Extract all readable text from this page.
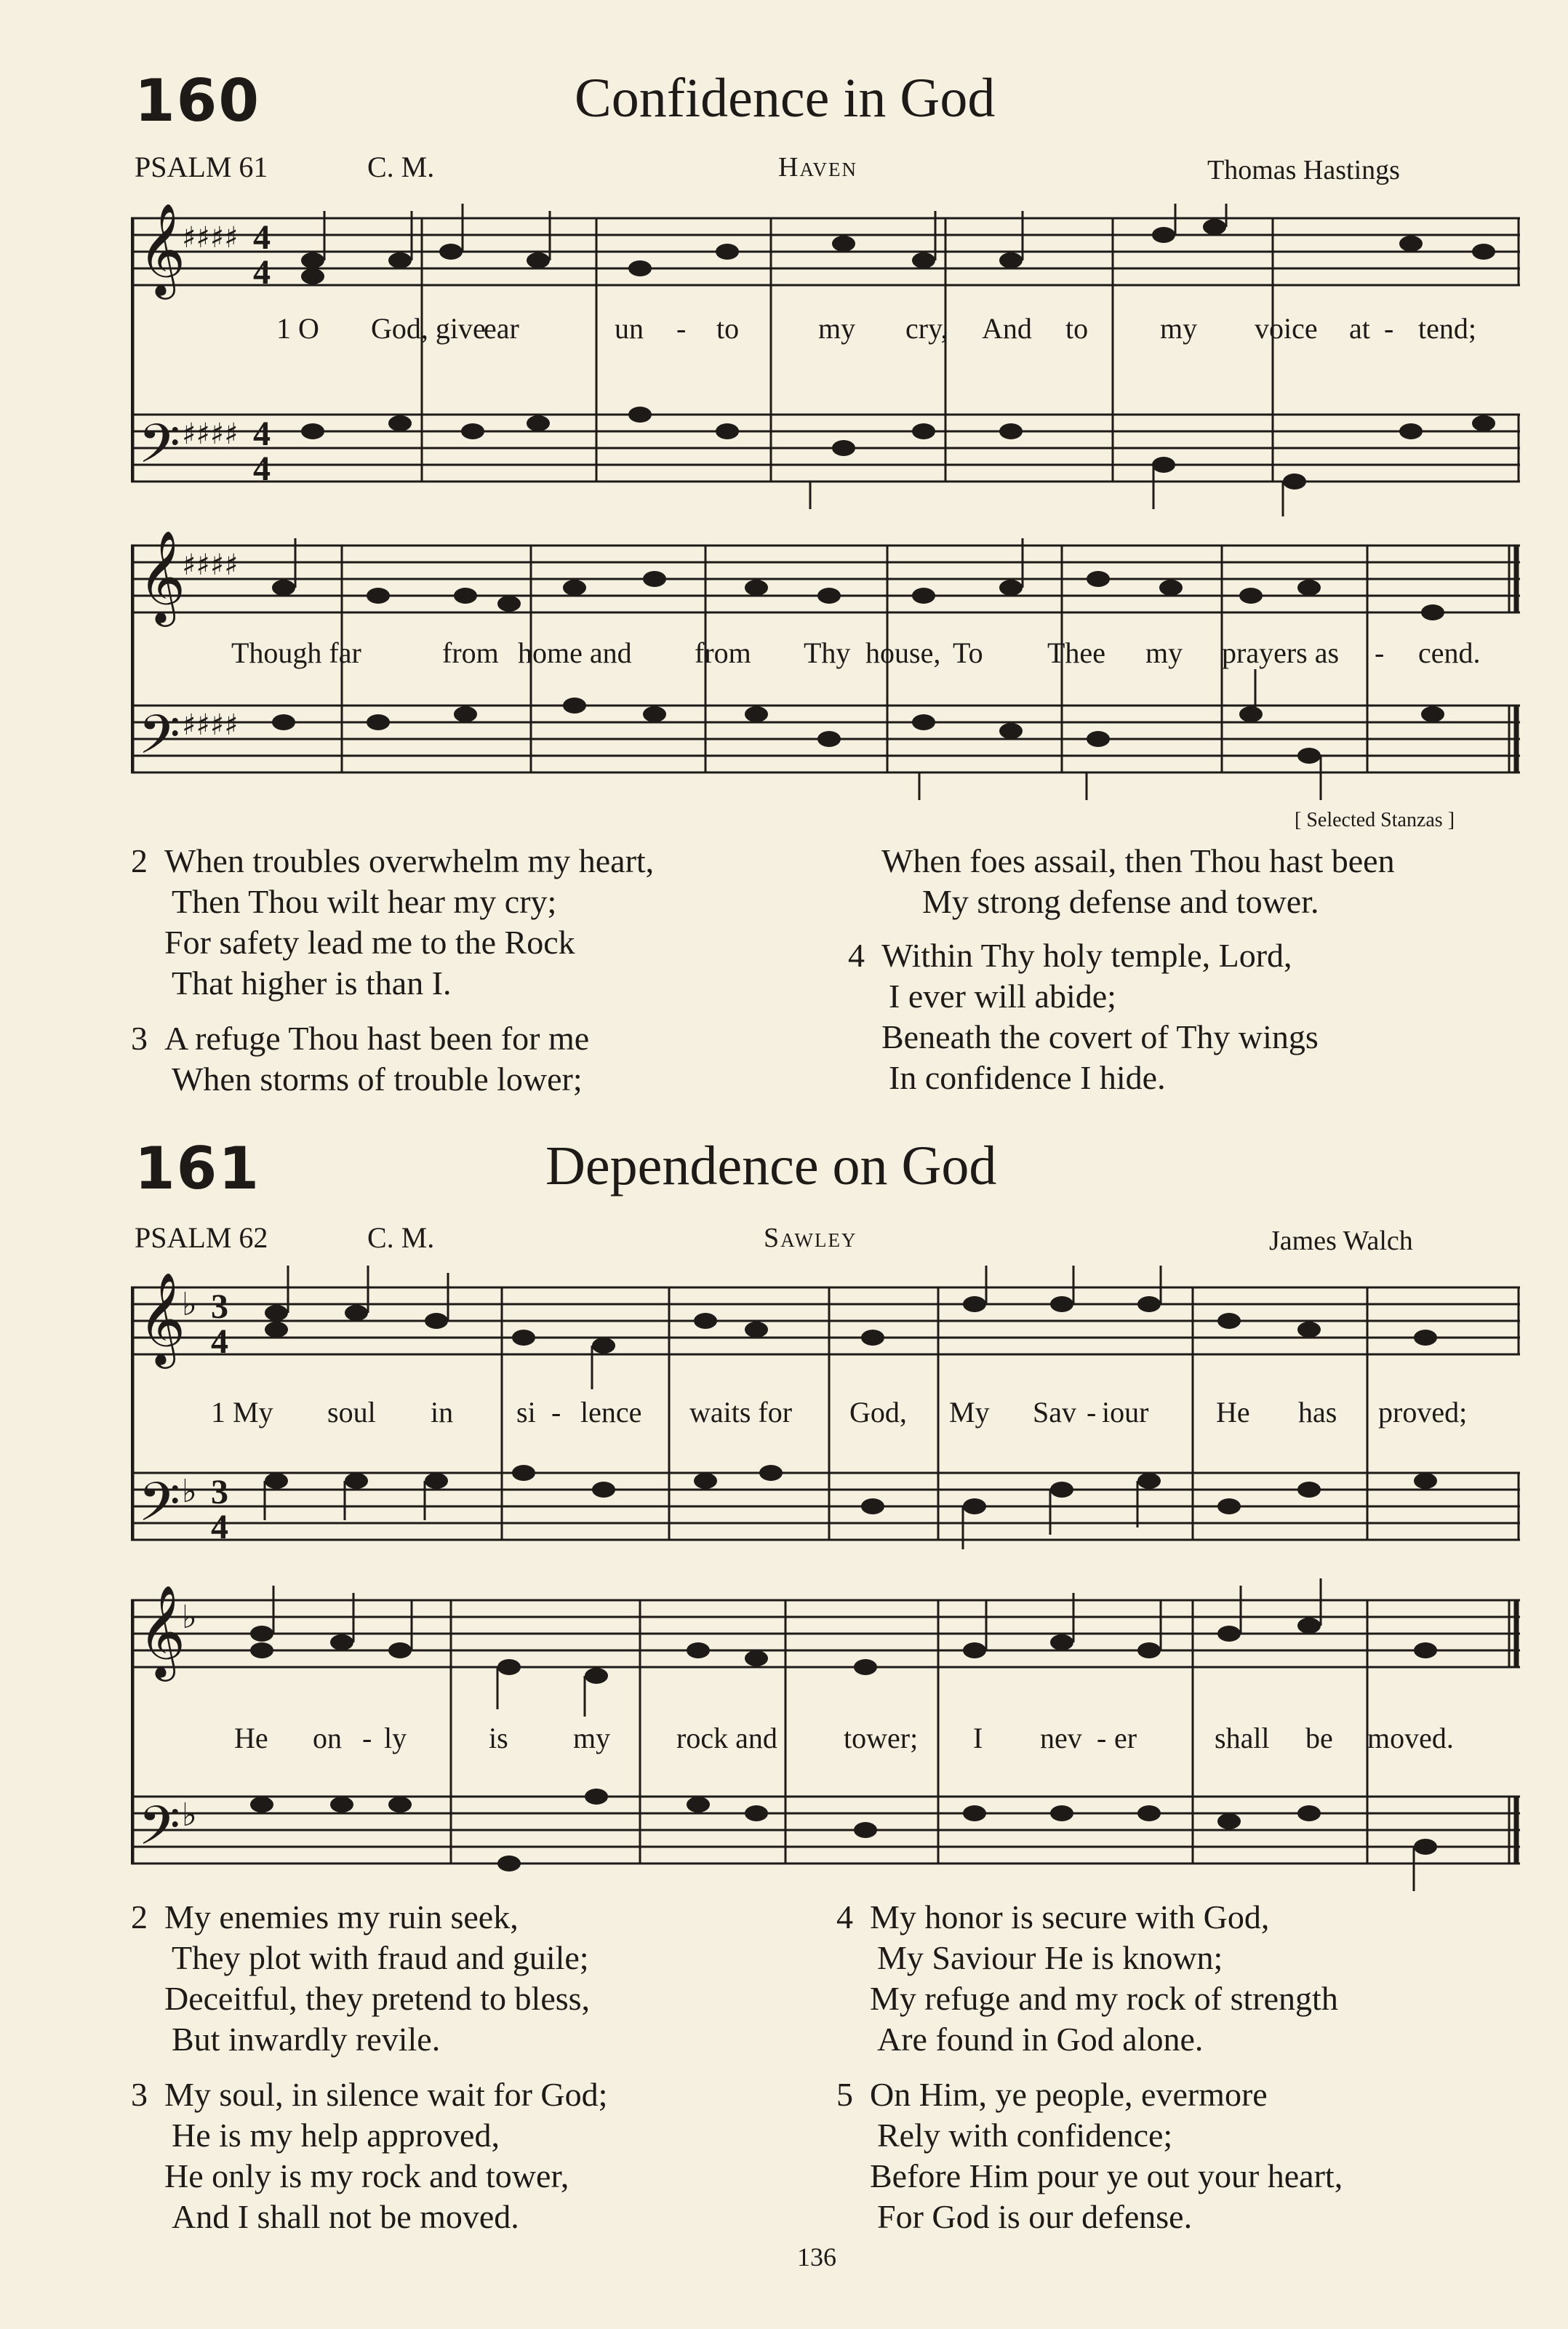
160	Confidence in God
PSALM 61	C. M.	Haven	Thomas Hastings
𝄞
𝄢
♯♯♯♯
♯♯♯♯
4
4
4
4
1 O God, give
ear	un - to	my cry, And to my voice at - tend;
𝄞
𝄢
♯♯♯♯
♯♯♯♯
Though far	from home and from Thy house, To Thee my prayers as - cend.
[ Selected Stanzas ]
2 When troubles overwhelm my heart,
Then Thou wilt hear my cry;
For safety lead me to the Rock
That higher is than I.
3 A refuge Thou hast been for me
When storms of trouble lower;
When foes assail, then Thou hast been
My strong defense and tower.
4 Within Thy holy temple, Lord,
I ever will abide;
Beneath the covert of Thy wings
In confidence I hide.
161	Dependence on God
PSALM 62	C. M.	Sawley	James Walch
𝄞
𝄢
♭
♭
3
4
3
4
1 My soul in si - lence waits for God, My Sav - iour He has proved;
𝄞
𝄢
♭
♭
He on - ly	is my rock and tower; I nev - er	shall be moved.
2 My enemies my ruin seek,
They plot with fraud and guile;
Deceitful, they pretend to bless,
But inwardly revile.
3 My soul, in silence wait for God;
He is my help approved,
He only is my rock and tower,
And I shall not be moved.
4 My honor is secure with God,
My Saviour He is known;
My refuge and my rock of strength
Are found in God alone.
5 On Him, ye people, evermore
Rely with confidence;
Before Him pour ye out your heart,
For God is our defense.
136
